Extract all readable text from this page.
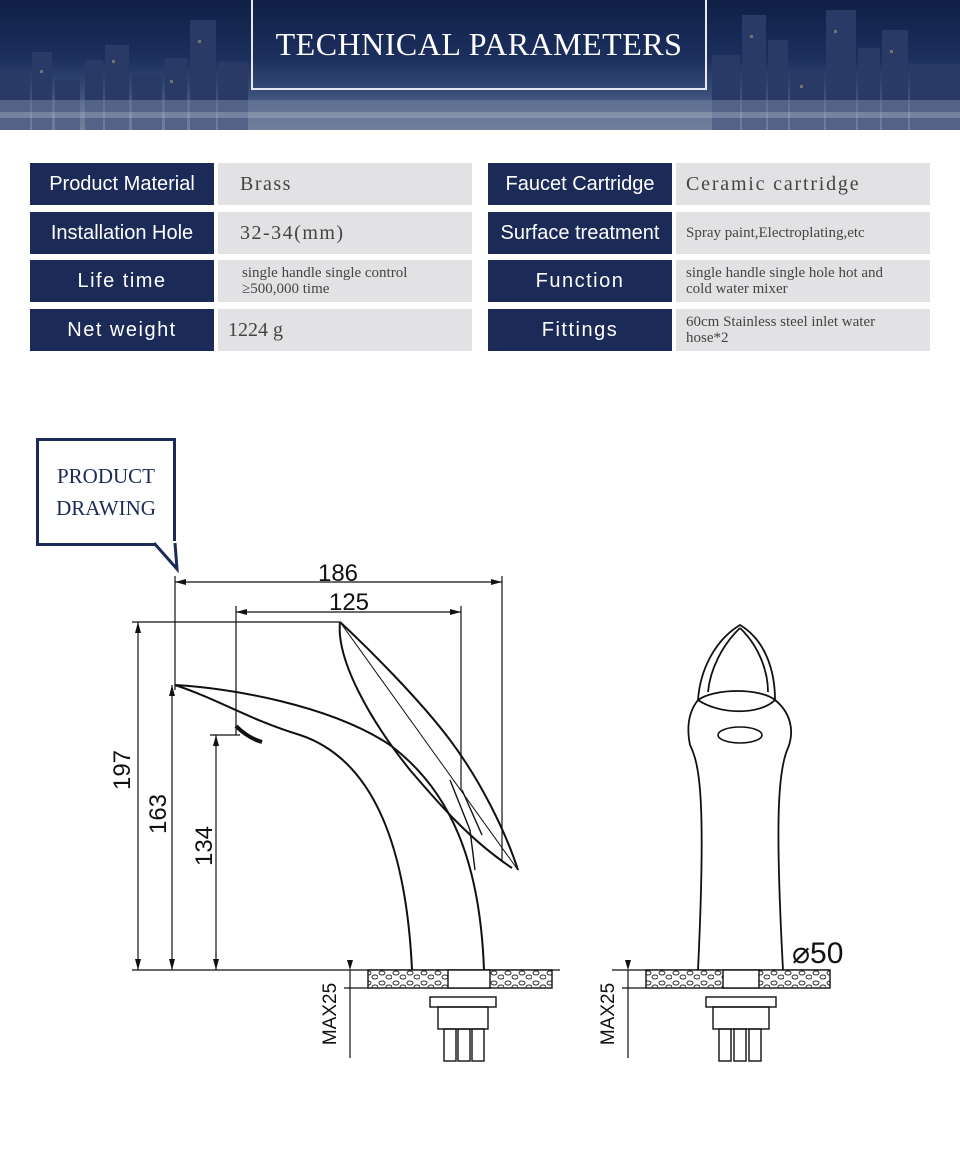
TECHNICAL PARAMETERS
Product Material	Brass
Installation Hole	32-34(mm)
Life time	single handle single control
≥500,000 time
Net weight	1224 g
Faucet Cartridge	Ceramic cartridge
Surface treatment	Spray paint,Electroplating,etc
Function	single handle single hole hot and
cold water mixer
Fittings	60cm Stainless steel inlet water
hose*2
PRODUCT
DRAWING
186
125
197
163
134
MAX25
⌀50
MAX25
